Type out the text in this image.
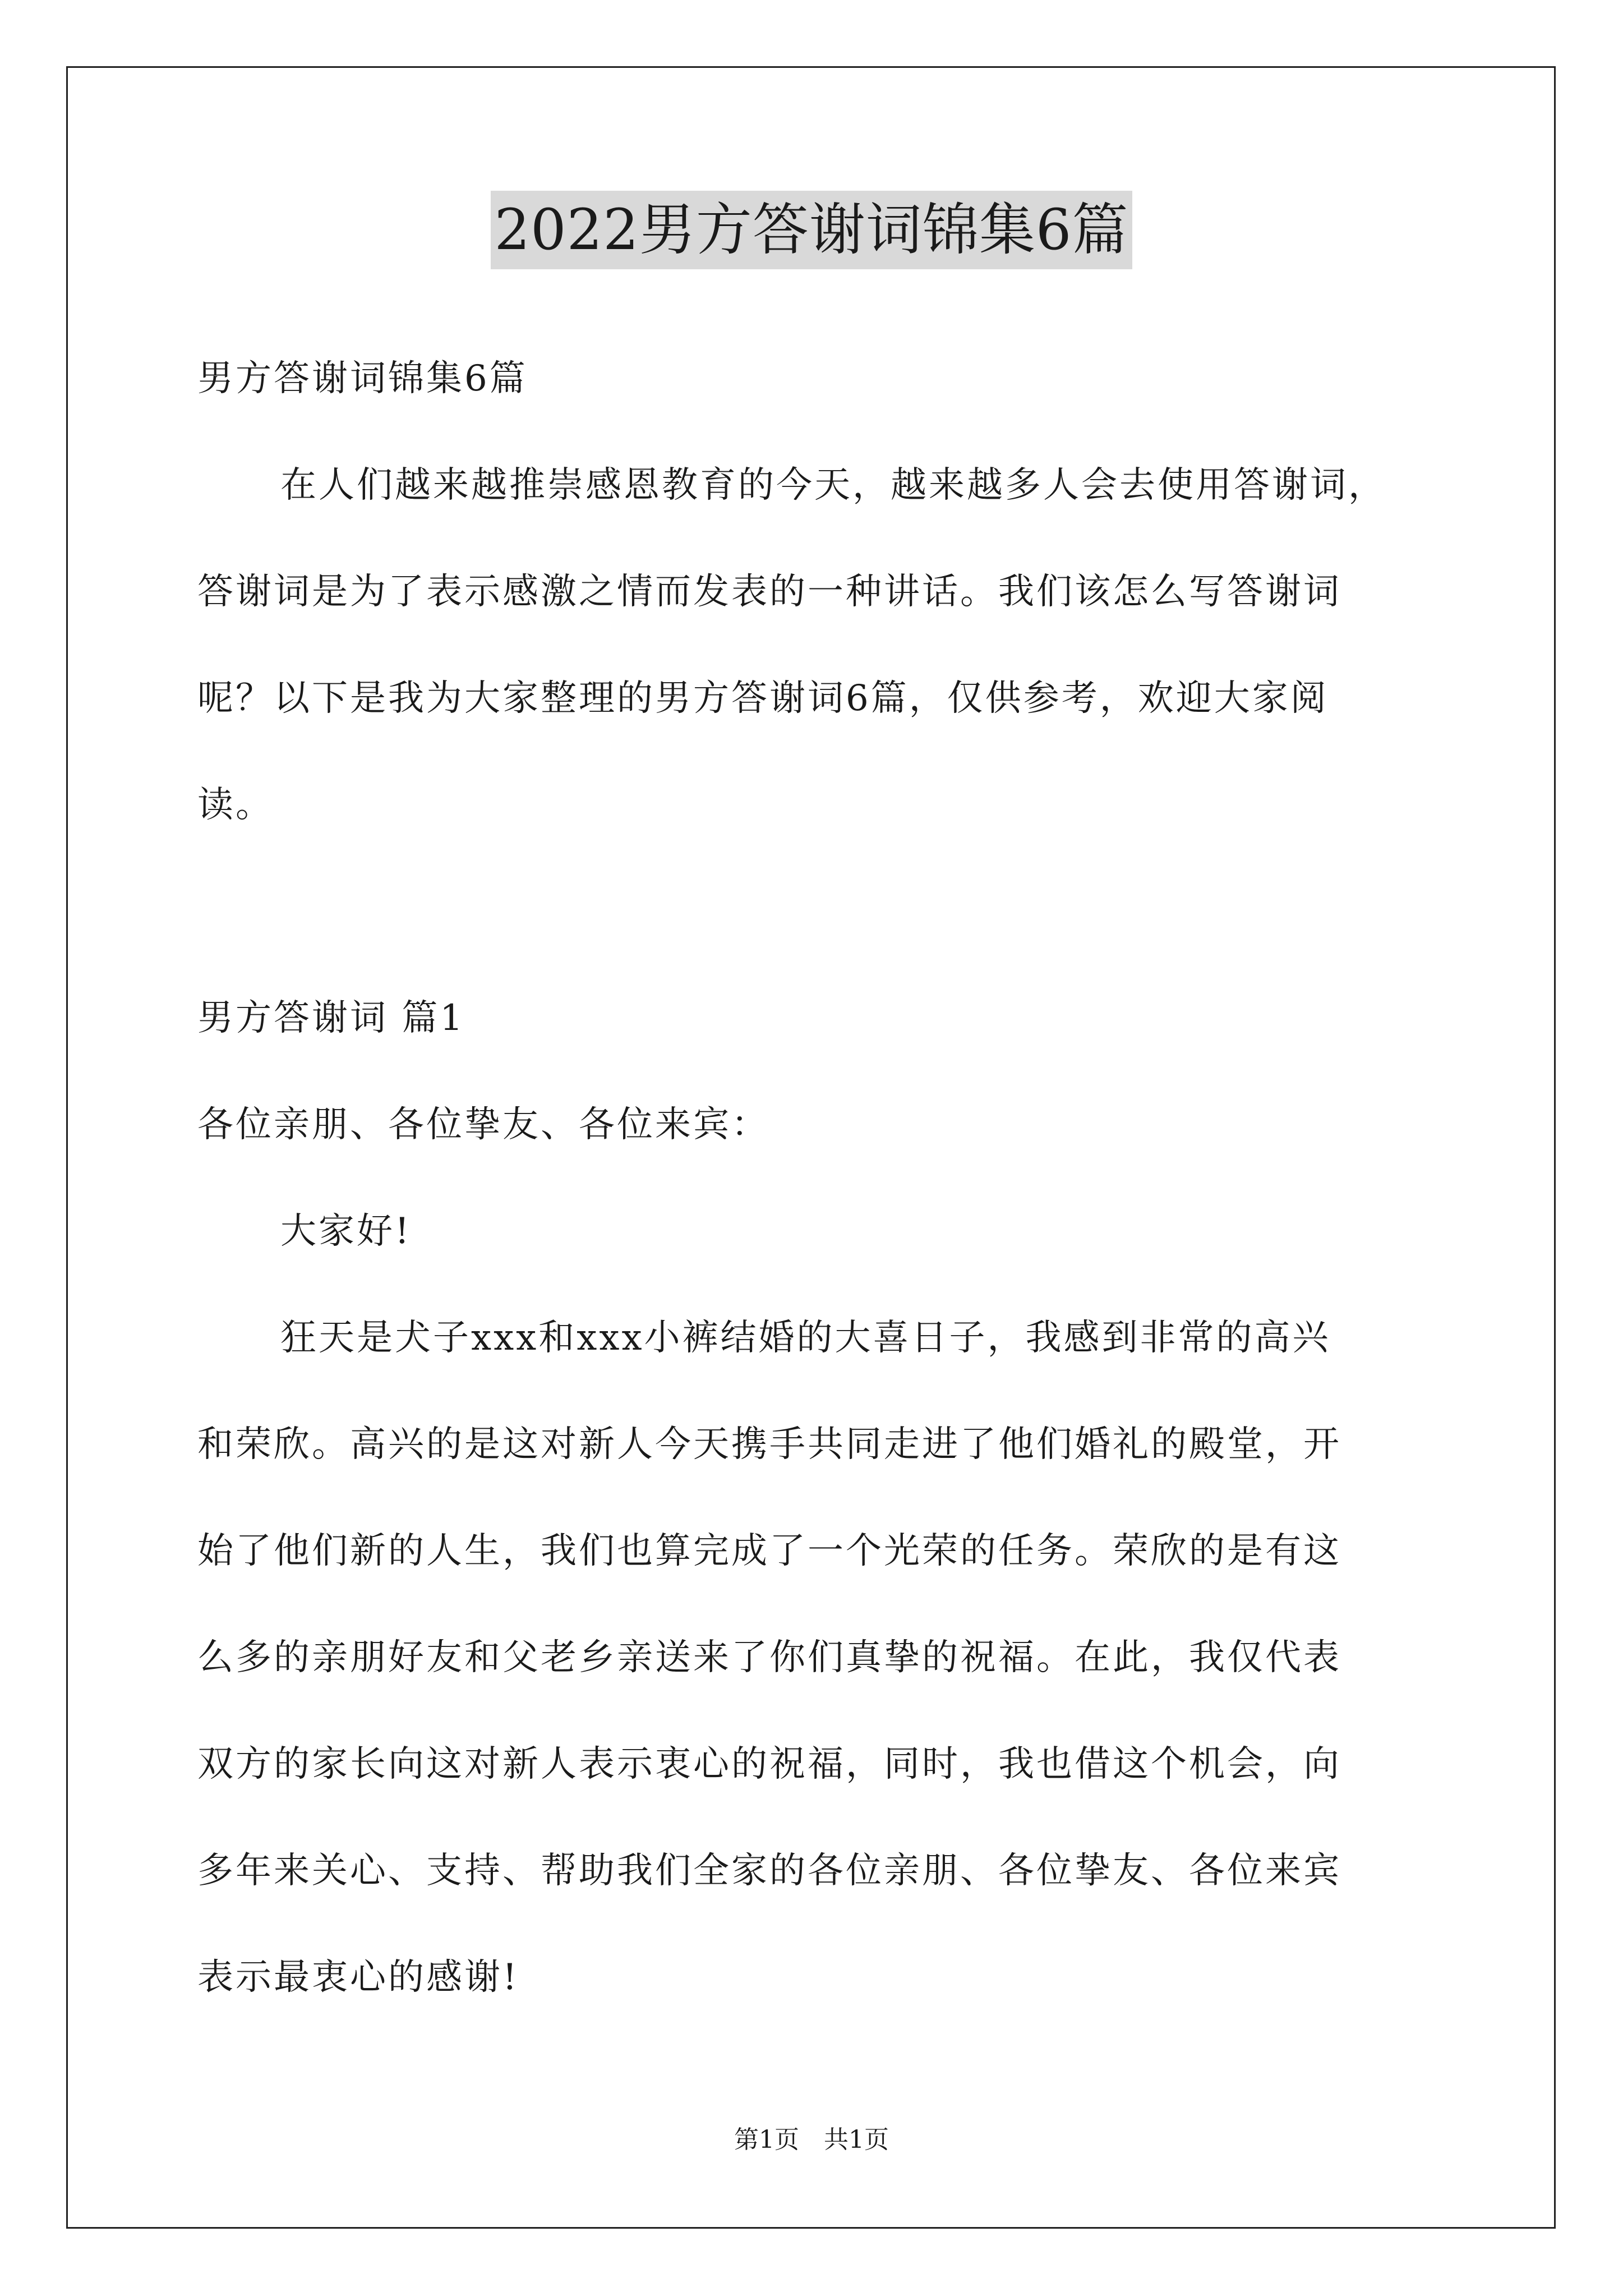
2022男方答谢词锦集6篇
男方答谢词锦集6篇
在人们越来越推崇感恩教育的今天，越来越多人会去使用答谢词，
答谢词是为了表示感激之情而发表的一种讲话。我们该怎么写答谢词
呢？以下是我为大家整理的男方答谢词6篇，仅供参考，欢迎大家阅
读。
男方答谢词 篇1
各位亲朋、各位挚友、各位来宾：
大家好!
狂天是犬子xxx和xxx小裤结婚的大喜日子，我感到非常的高兴
和荣欣。高兴的是这对新人今天携手共同走进了他们婚礼的殿堂，开
始了他们新的人生，我们也算完成了一个光荣的任务。荣欣的是有这
么多的亲朋好友和父老乡亲送来了你们真挚的祝福。在此，我仅代表
双方的家长向这对新人表示衷心的祝福，同时，我也借这个机会，向
多年来关心、支持、帮助我们全家的各位亲朋、各位挚友、各位来宾
表示最衷心的感谢!
第1页　共1页
